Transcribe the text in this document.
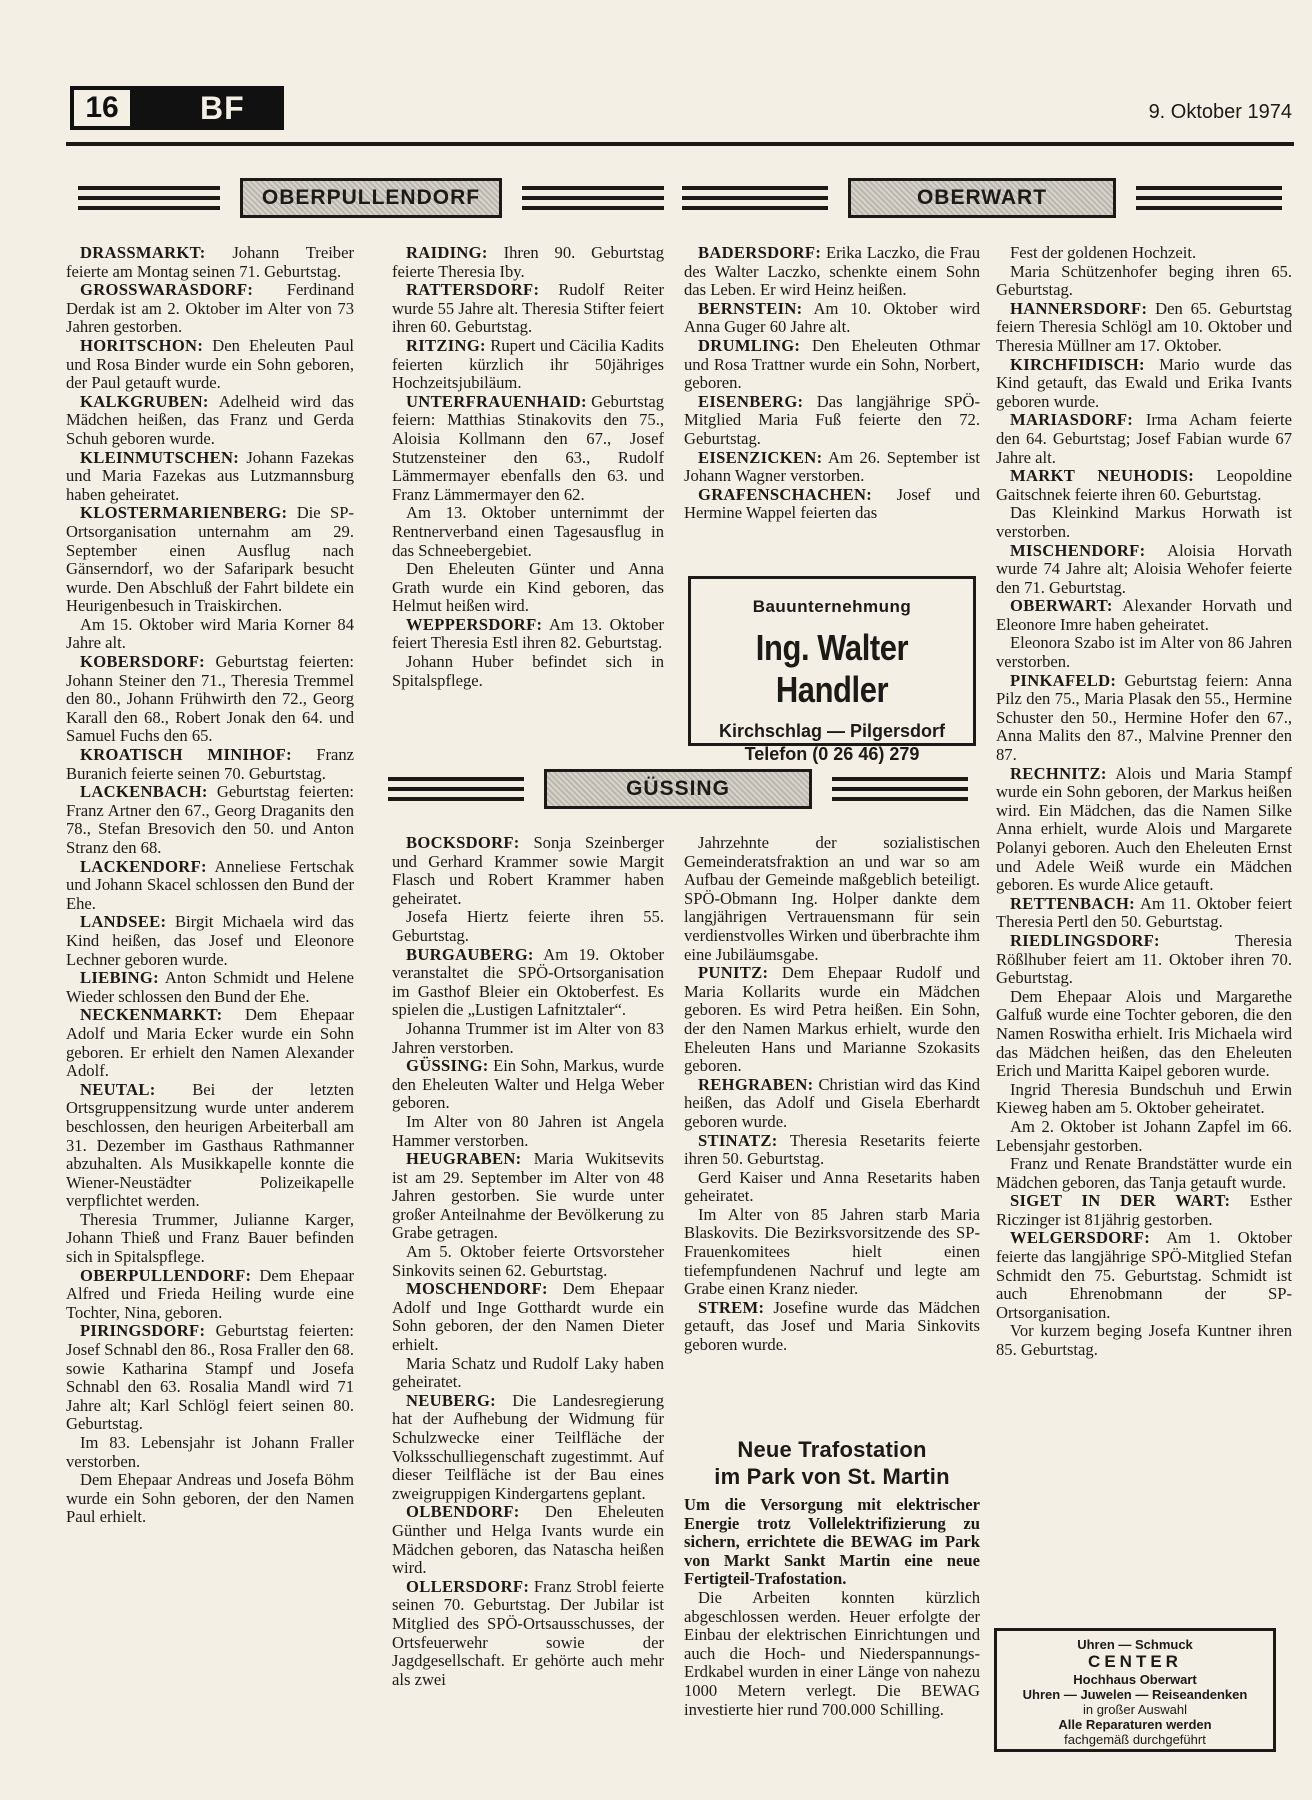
16	BF	9. Oktober 1974
OBERPULLENDORF	OBERWART
GÜSSING

DRASSMARKT: Johann Treiber feierte am Montag seinen 71. Geburtstag.

GROSSWARASDORF: Ferdinand Derdak ist am 2. Oktober im Alter von 73 Jahren gestorben.

HORITSCHON: Den Eheleuten Paul und Rosa Binder wurde ein Sohn geboren, der Paul getauft wurde.

KALKGRUBEN: Adelheid wird das Mädchen heißen, das Franz und Gerda Schuh geboren wurde.

KLEINMUTSCHEN: Johann Fazekas und Maria Fazekas aus Lutzmannsburg haben geheiratet.

KLOSTERMARIENBERG: Die SP-Ortsorganisation unternahm am 29. September einen Ausflug nach Gänserndorf, wo der Safaripark besucht wurde. Den Abschluß der Fahrt bildete ein Heurigenbesuch in Traiskirchen.

Am 15. Oktober wird Maria Korner 84 Jahre alt.

KOBERSDORF: Geburtstag feierten: Johann Steiner den 71., Theresia Tremmel den 80., Johann Frühwirth den 72., Georg Karall den 68., Robert Jonak den 64. und Samuel Fuchs den 65.

KROATISCH MINIHOF: Franz Buranich feierte seinen 70. Geburtstag.

LACKENBACH: Geburtstag feierten: Franz Artner den 67., Georg Draganits den 78., Stefan Bresovich den 50. und Anton Stranz den 68.

LACKENDORF: Anneliese Fertschak und Johann Skacel schlossen den Bund der Ehe.

LANDSEE: Birgit Michaela wird das Kind heißen, das Josef und Eleonore Lechner geboren wurde.

LIEBING: Anton Schmidt und Helene Wieder schlossen den Bund der Ehe.

NECKENMARKT: Dem Ehepaar Adolf und Maria Ecker wurde ein Sohn geboren. Er erhielt den Namen Alexander Adolf.

NEUTAL: Bei der letzten Ortsgruppensitzung wurde unter anderem beschlossen, den heurigen Arbeiterball am 31. Dezember im Gasthaus Rathmanner abzuhalten. Als Musikkapelle konnte die Wiener-Neustädter Polizeikapelle verpflichtet werden.

Theresia Trummer, Julianne Karger, Johann Thieß und Franz Bauer befinden sich in Spitalspflege.

OBERPULLENDORF: Dem Ehepaar Alfred und Frieda Heiling wurde eine Tochter, Nina, geboren.

PIRINGSDORF: Geburtstag feierten: Josef Schnabl den 86., Rosa Fraller den 68. sowie Katharina Stampf und Josefa Schnabl den 63. Rosalia Mandl wird 71 Jahre alt; Karl Schlögl feiert seinen 80. Geburtstag.

Im 83. Lebensjahr ist Johann Fraller verstorben.

Dem Ehepaar Andreas und Josefa Böhm wurde ein Sohn geboren, der den Namen Paul erhielt.

RAIDING: Ihren 90. Geburtstag feierte Theresia Iby.

RATTERSDORF: Rudolf Reiter wurde 55 Jahre alt. Theresia Stifter feiert ihren 60. Geburtstag.

RITZING: Rupert und Cäcilia Kadits feierten kürzlich ihr 50jähriges Hochzeitsjubiläum.

UNTERFRAUENHAID: Geburtstag feiern: Matthias Stinakovits den 75., Aloisia Kollmann den 67., Josef Stutzensteiner den 63., Rudolf Lämmermayer ebenfalls den 63. und Franz Lämmermayer den 62.

Am 13. Oktober unternimmt der Rentnerverband einen Tagesausflug in das Schneebergebiet.

Den Eheleuten Günter und Anna Grath wurde ein Kind geboren, das Helmut heißen wird.

WEPPERSDORF: Am 13. Oktober feiert Theresia Estl ihren 82. Geburtstag.

Johann Huber befindet sich in Spitalspflege.

BADERSDORF: Erika Laczko, die Frau des Walter Laczko, schenkte einem Sohn das Leben. Er wird Heinz heißen.

BERNSTEIN: Am 10. Oktober wird Anna Guger 60 Jahre alt.

DRUMLING: Den Eheleuten Othmar und Rosa Trattner wurde ein Sohn, Norbert, geboren.

EISENBERG: Das langjährige SPÖ-Mitglied Maria Fuß feierte den 72. Geburtstag.

EISENZICKEN: Am 26. September ist Johann Wagner verstorben.

GRAFENSCHACHEN: Josef und Hermine Wappel feierten das

Fest der goldenen Hochzeit.

Maria Schützenhofer beging ihren 65. Geburtstag.

HANNERSDORF: Den 65. Geburtstag feiern Theresia Schlögl am 10. Oktober und Theresia Müllner am 17. Oktober.

KIRCHFIDISCH: Mario wurde das Kind getauft, das Ewald und Erika Ivants geboren wurde.

MARIASDORF: Irma Acham feierte den 64. Geburtstag; Josef Fabian wurde 67 Jahre alt.

MARKT NEUHODIS: Leopoldine Gaitschnek feierte ihren 60. Geburtstag.

Das Kleinkind Markus Horwath ist verstorben.

MISCHENDORF: Aloisia Horvath wurde 74 Jahre alt; Aloisia Wehofer feierte den 71. Geburtstag.

OBERWART: Alexander Horvath und Eleonore Imre haben geheiratet.

Eleonora Szabo ist im Alter von 86 Jahren verstorben.

PINKAFELD: Geburtstag feiern: Anna Pilz den 75., Maria Plasak den 55., Hermine Schuster den 50., Hermine Hofer den 67., Anna Malits den 87., Malvine Prenner den 87.

RECHNITZ: Alois und Maria Stampf wurde ein Sohn geboren, der Markus heißen wird. Ein Mädchen, das die Namen Silke Anna erhielt, wurde Alois und Margarete Polanyi geboren. Auch den Eheleuten Ernst und Adele Weiß wurde ein Mädchen geboren. Es wurde Alice getauft.

RETTENBACH: Am 11. Oktober feiert Theresia Pertl den 50. Geburtstag.

RIEDLINGSDORF: Theresia Rößlhuber feiert am 11. Oktober ihren 70. Geburtstag.

Dem Ehepaar Alois und Margarethe Galfuß wurde eine Tochter geboren, die den Namen Roswitha erhielt. Iris Michaela wird das Mädchen heißen, das den Eheleuten Erich und Maritta Kaipel geboren wurde.

Ingrid Theresia Bundschuh und Erwin Kieweg haben am 5. Oktober geheiratet.

Am 2. Oktober ist Johann Zapfel im 66. Lebensjahr gestorben.

Franz und Renate Brandstätter wurde ein Mädchen geboren, das Tanja getauft wurde.

SIGET IN DER WART: Esther Riczinger ist 81jährig gestorben.

WELGERSDORF: Am 1. Oktober feierte das langjährige SPÖ-Mitglied Stefan Schmidt den 75. Geburtstag. Schmidt ist auch Ehrenobmann der SP-Ortsorganisation.

Vor kurzem beging Josefa Kuntner ihren 85. Geburtstag.

BOCKSDORF: Sonja Szeinberger und Gerhard Krammer sowie Margit Flasch und Robert Krammer haben geheiratet.

Josefa Hiertz feierte ihren 55. Geburtstag.

BURGAUBERG: Am 19. Oktober veranstaltet die SPÖ-Ortsorganisation im Gasthof Bleier ein Oktoberfest. Es spielen die „Lustigen Lafnitztaler“.

Johanna Trummer ist im Alter von 83 Jahren verstorben.

GÜSSING: Ein Sohn, Markus, wurde den Eheleuten Walter und Helga Weber geboren.

Im Alter von 80 Jahren ist Angela Hammer verstorben.

HEUGRABEN: Maria Wukitsevits ist am 29. September im Alter von 48 Jahren gestorben. Sie wurde unter großer Anteilnahme der Bevölkerung zu Grabe getragen.

Am 5. Oktober feierte Ortsvorsteher Sinkovits seinen 62. Geburtstag.

MOSCHENDORF: Dem Ehepaar Adolf und Inge Gotthardt wurde ein Sohn geboren, der den Namen Dieter erhielt.

Maria Schatz und Rudolf Laky haben geheiratet.

NEUBERG: Die Landesregierung hat der Aufhebung der Widmung für Schulzwecke einer Teilfläche der Volksschulliegenschaft zugestimmt. Auf dieser Teilfläche ist der Bau eines zweigruppigen Kindergartens geplant.

OLBENDORF: Den Eheleuten Günther und Helga Ivants wurde ein Mädchen geboren, das Natascha heißen wird.

OLLERSDORF: Franz Strobl feierte seinen 70. Geburtstag. Der Jubilar ist Mitglied des SPÖ-Ortsausschusses, der Ortsfeuerwehr sowie der Jagdgesellschaft. Er gehörte auch mehr als zwei

Jahrzehnte der sozialistischen Gemeinderatsfraktion an und war so am Aufbau der Gemeinde maßgeblich beteiligt. SPÖ-Obmann Ing. Holper dankte dem langjährigen Vertrauensmann für sein verdienstvolles Wirken und überbrachte ihm eine Jubiläumsgabe.

PUNITZ: Dem Ehepaar Rudolf und Maria Kollarits wurde ein Mädchen geboren. Es wird Petra heißen. Ein Sohn, der den Namen Markus erhielt, wurde den Eheleuten Hans und Marianne Szokasits geboren.

REHGRABEN: Christian wird das Kind heißen, das Adolf und Gisela Eberhardt geboren wurde.

STINATZ: Theresia Resetarits feierte ihren 50. Geburtstag.

Gerd Kaiser und Anna Resetarits haben geheiratet.

Im Alter von 85 Jahren starb Maria Blaskovits. Die Bezirksvorsitzende des SP-Frauenkomitees hielt einen tiefempfundenen Nachruf und legte am Grabe einen Kranz nieder.

STREM: Josefine wurde das Mädchen getauft, das Josef und Maria Sinkovits geboren wurde.

Bauunternehmung
Ing. Walter Handler
Kirchschlag — Pilgersdorf
Telefon (0 26 46) 279
Neue Trafostation
im Park von St. Martin

Um die Versorgung mit elektrischer Energie trotz Vollelektrifizierung zu sichern, errichtete die BEWAG im Park von Markt Sankt Martin eine neue Fertigteil-Trafostation.

Die Arbeiten konnten kürzlich abgeschlossen werden. Heuer erfolgte der Einbau der elektrischen Einrichtungen und auch die Hoch- und Niederspannungs-Erdkabel wurden in einer Länge von nahezu 1000 Metern verlegt. Die BEWAG investierte hier rund 700.000 Schilling.

Uhren — Schmuck
CENTER
Hochhaus Oberwart
Uhren — Juwelen — Reiseandenken
in großer Auswahl
Alle Reparaturen werden
fachgemäß durchgeführt
